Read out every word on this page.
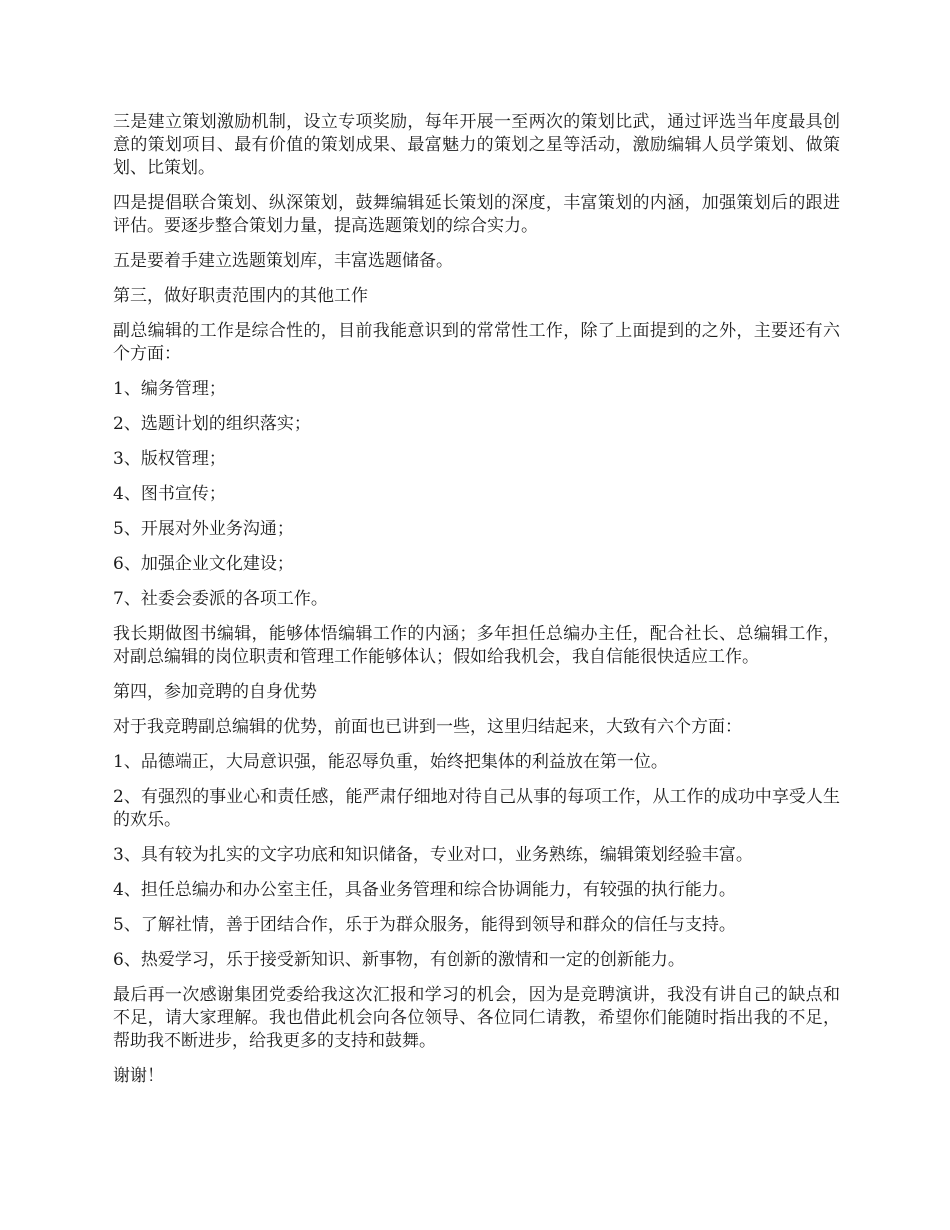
三是建立策划激励机制，设立专项奖励，每年开展一至两次的策划比武，通过评选当年度最具创意的策划项目、最有价值的策划成果、最富魅力的策划之星等活动，激励编辑人员学策划、做策划、比策划。

四是提倡联合策划、纵深策划，鼓舞编辑延长策划的深度，丰富策划的内涵，加强策划后的跟进评估。要逐步整合策划力量，提高选题策划的综合实力。

五是要着手建立选题策划库，丰富选题储备。

第三，做好职责范围内的其他工作

副总编辑的工作是综合性的，目前我能意识到的常常性工作，除了上面提到的之外，主要还有六个方面：

1、编务管理；

2、选题计划的组织落实；

3、版权管理；

4、图书宣传；

5、开展对外业务沟通；

6、加强企业文化建设；

7、社委会委派的各项工作。

我长期做图书编辑，能够体悟编辑工作的内涵；多年担任总编办主任，配合社长、总编辑工作，对副总编辑的岗位职责和管理工作能够体认；假如给我机会，我自信能很快适应工作。

第四，参加竞聘的自身优势

对于我竞聘副总编辑的优势，前面也已讲到一些，这里归结起来，大致有六个方面：

1、品德端正，大局意识强，能忍辱负重，始终把集体的利益放在第一位。

2、有强烈的事业心和责任感，能严肃仔细地对待自己从事的每项工作，从工作的成功中享受人生的欢乐。

3、具有较为扎实的文字功底和知识储备，专业对口，业务熟练，编辑策划经验丰富。

4、担任总编办和办公室主任，具备业务管理和综合协调能力，有较强的执行能力。

5、了解社情，善于团结合作，乐于为群众服务，能得到领导和群众的信任与支持。

6、热爱学习，乐于接受新知识、新事物，有创新的激情和一定的创新能力。

最后再一次感谢集团党委给我这次汇报和学习的机会，因为是竞聘演讲，我没有讲自己的缺点和不足，请大家理解。我也借此机会向各位领导、各位同仁请教，希望你们能随时指出我的不足，帮助我不断进步，给我更多的支持和鼓舞。

谢谢！
